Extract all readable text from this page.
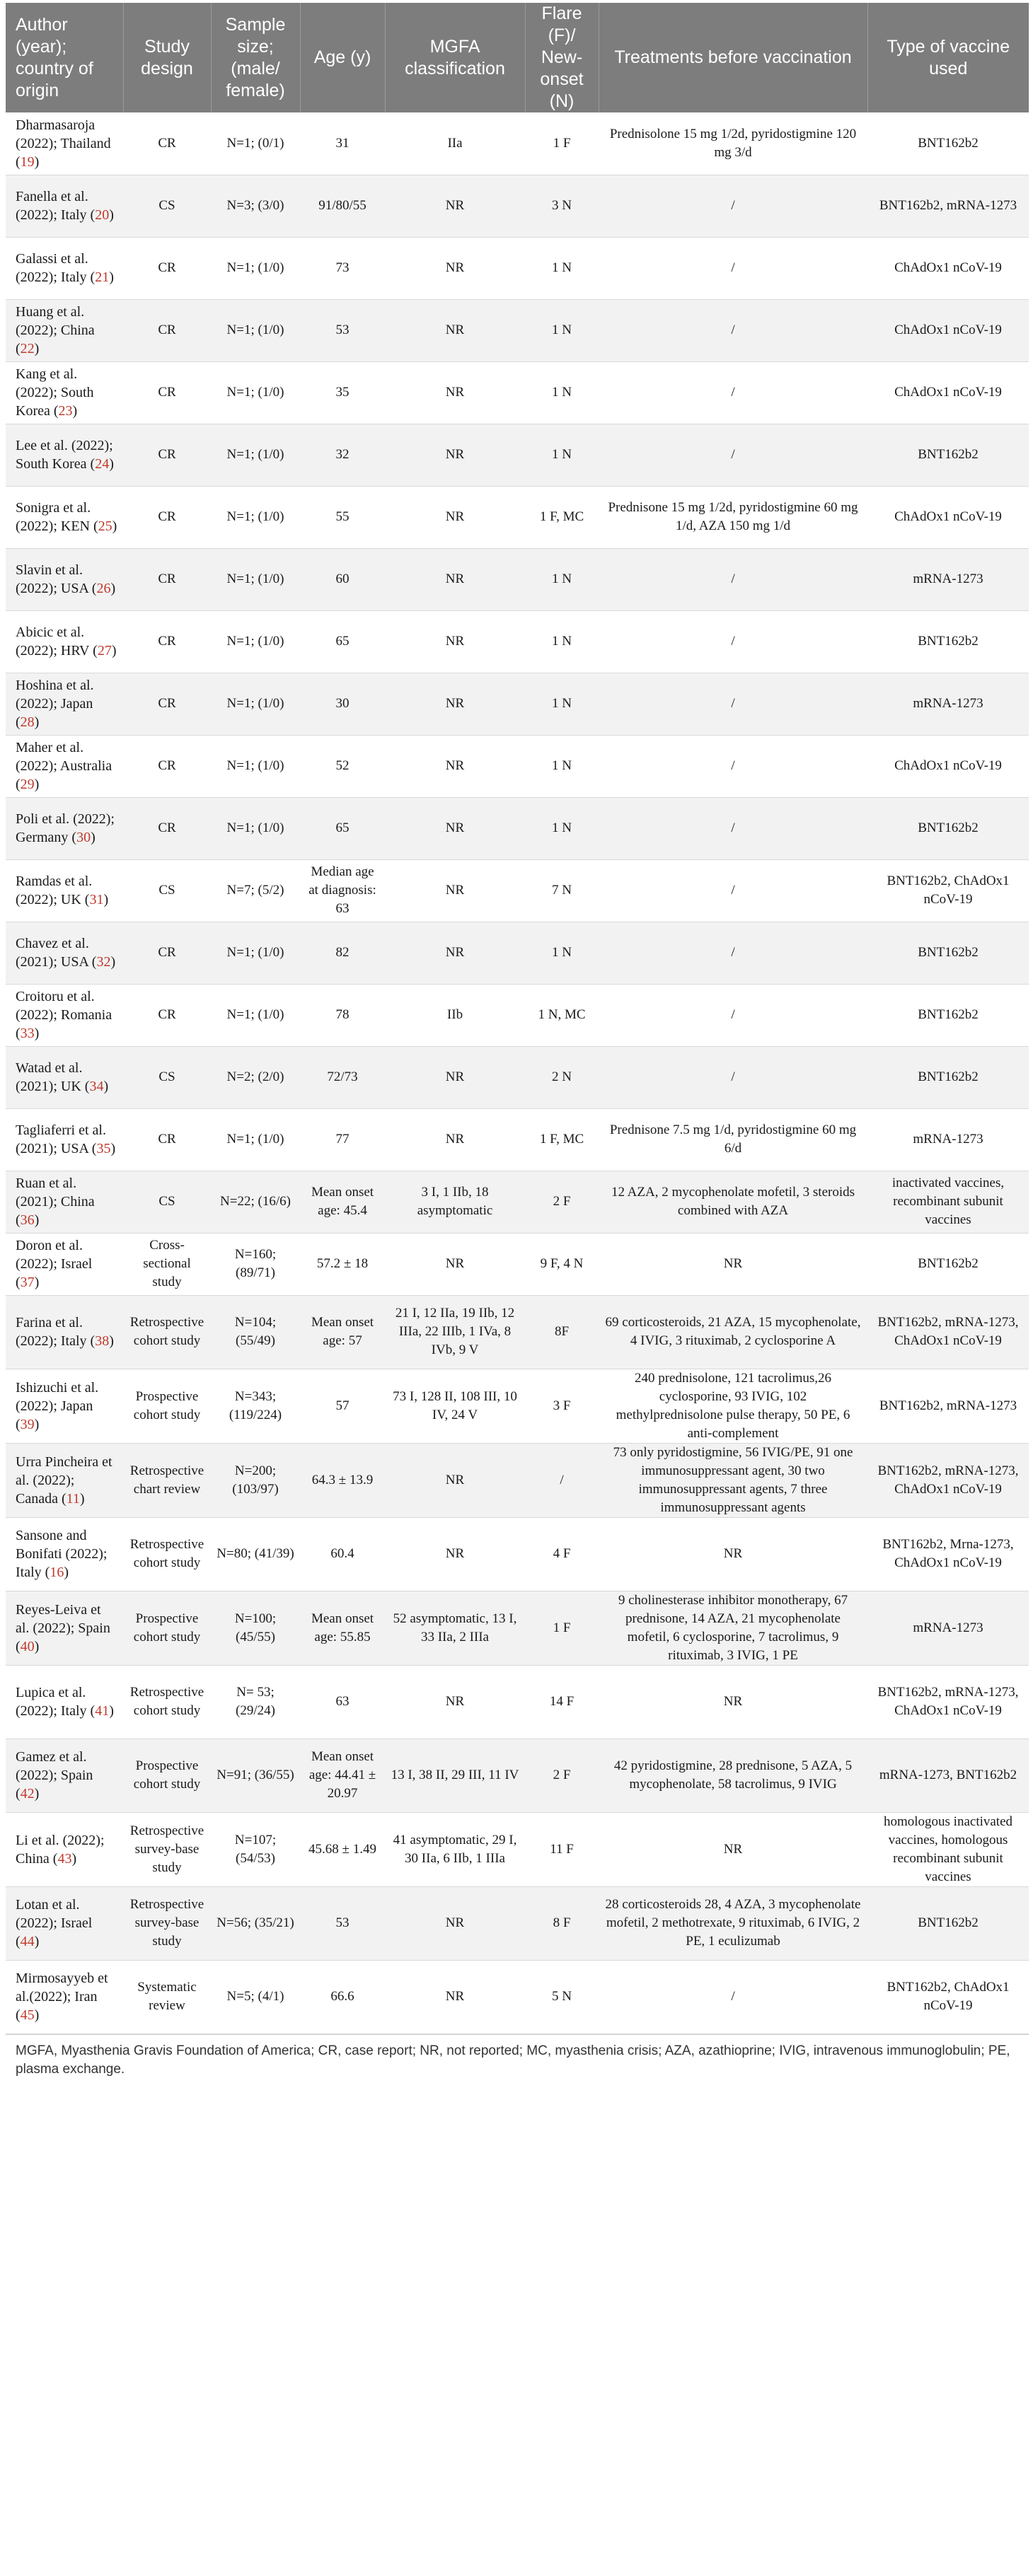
Author (year); country of origin	Study design	Sample size; (male/ female)	Age (y)	MGFA classification	Flare (F)/ New-onset (N)	Treatments before vaccination	Type of vaccine used
Dharmasaroja (2022); Thailand (19)	CR	N=1; (0/1)	31	IIa	1 F	Prednisolone 15 mg 1/2d, pyridostigmine 120 mg 3/d	BNT162b2
Fanella et al. (2022); Italy (20)	CS	N=3; (3/0)	91/80/55	NR	3 N	/	BNT162b2, mRNA-1273
Galassi et al. (2022); Italy (21)	CR	N=1; (1/0)	73	NR	1 N	/	ChAdOx1 nCoV-19
Huang et al. (2022); China (22)	CR	N=1; (1/0)	53	NR	1 N	/	ChAdOx1 nCoV-19
Kang et al. (2022); South Korea (23)	CR	N=1; (1/0)	35	NR	1 N	/	ChAdOx1 nCoV-19
Lee et al. (2022); South Korea (24)	CR	N=1; (1/0)	32	NR	1 N	/	BNT162b2
Sonigra et al. (2022); KEN (25)	CR	N=1; (1/0)	55	NR	1 F, MC	Prednisone 15 mg 1/2d, pyridostigmine 60 mg 1/d, AZA 150 mg 1/d	ChAdOx1 nCoV-19
Slavin et al. (2022); USA (26)	CR	N=1; (1/0)	60	NR	1 N	/	mRNA-1273
Abicic et al. (2022); HRV (27)	CR	N=1; (1/0)	65	NR	1 N	/	BNT162b2
Hoshina et al. (2022); Japan (28)	CR	N=1; (1/0)	30	NR	1 N	/	mRNA-1273
Maher et al. (2022); Australia (29)	CR	N=1; (1/0)	52	NR	1 N	/	ChAdOx1 nCoV-19
Poli et al. (2022); Germany (30)	CR	N=1; (1/0)	65	NR	1 N	/	BNT162b2
Ramdas et al. (2022); UK (31)	CS	N=7; (5/2)	Median age at diagnosis: 63	NR	7 N	/	BNT162b2, ChAdOx1 nCoV-19
Chavez et al. (2021); USA (32)	CR	N=1; (1/0)	82	NR	1 N	/	BNT162b2
Croitoru et al. (2022); Romania (33)	CR	N=1; (1/0)	78	IIb	1 N, MC	/	BNT162b2
Watad et al. (2021); UK (34)	CS	N=2; (2/0)	72/73	NR	2 N	/	BNT162b2
Tagliaferri et al. (2021); USA (35)	CR	N=1; (1/0)	77	NR	1 F, MC	Prednisone 7.5 mg 1/d, pyridostigmine 60 mg 6/d	mRNA-1273
Ruan et al. (2021); China (36)	CS	N=22; (16/6)	Mean onset age: 45.4	3 I, 1 IIb, 18 asymptomatic	2 F	12 AZA, 2 mycophenolate mofetil, 3 steroids combined with AZA	inactivated vaccines, recombinant subunit vaccines
Doron et al. (2022); Israel (37)	Cross-sectional study	N=160; (89/71)	57.2 ± 18	NR	9 F, 4 N	NR	BNT162b2
Farina et al. (2022); Italy (38)	Retrospective cohort study	N=104; (55/49)	Mean onset age: 57	21 I, 12 IIa, 19 IIb, 12 IIIa, 22 IIIb, 1 IVa, 8 IVb, 9 V	8F	69 corticosteroids, 21 AZA, 15 mycophenolate, 4 IVIG, 3 rituximab, 2 cyclosporine A	BNT162b2, mRNA-1273, ChAdOx1 nCoV-19
Ishizuchi et al. (2022); Japan (39)	Prospective cohort study	N=343; (119/224)	57	73 I, 128 II, 108 III, 10 IV, 24 V	3 F	240 prednisolone, 121 tacrolimus,26 cyclosporine, 93 IVIG, 102 methylprednisolone pulse therapy, 50 PE, 6 anti-complement	BNT162b2, mRNA-1273
Urra Pincheira et al. (2022); Canada (11)	Retrospective chart review	N=200; (103/97)	64.3 ± 13.9	NR	/	73 only pyridostigmine, 56 IVIG/PE, 91 one immunosuppressant agent, 30 two immunosuppressant agents, 7 three immunosuppressant agents	BNT162b2, mRNA-1273, ChAdOx1 nCoV-19
Sansone and Bonifati (2022); Italy (16)	Retrospective cohort study	N=80; (41/39)	60.4	NR	4 F	NR	BNT162b2, Mrna-1273, ChAdOx1 nCoV-19
Reyes-Leiva et al. (2022); Spain (40)	Prospective cohort study	N=100; (45/55)	Mean onset age: 55.85	52 asymptomatic, 13 I, 33 IIa, 2 IIIa	1 F	9 cholinesterase inhibitor monotherapy, 67 prednisone, 14 AZA, 21 mycophenolate mofetil, 6 cyclosporine, 7 tacrolimus, 9 rituximab, 3 IVIG, 1 PE	mRNA-1273
Lupica et al. (2022); Italy (41)	Retrospective cohort study	N= 53; (29/24)	63	NR	14 F	NR	BNT162b2, mRNA-1273, ChAdOx1 nCoV-19
Gamez et al. (2022); Spain (42)	Prospective cohort study	N=91; (36/55)	Mean onset age: 44.41 ± 20.97	13 I, 38 II, 29 III, 11 IV	2 F	42 pyridostigmine, 28 prednisone, 5 AZA, 5 mycophenolate, 58 tacrolimus, 9 IVIG	mRNA-1273, BNT162b2
Li et al. (2022); China (43)	Retrospective survey-base study	N=107; (54/53)	45.68 ± 1.49	41 asymptomatic, 29 I, 30 IIa, 6 IIb, 1 IIIa	11 F	NR	homologous inactivated vaccines, homologous recombinant subunit vaccines
Lotan et al. (2022); Israel (44)	Retrospective survey-base study	N=56; (35/21)	53	NR	8 F	28 corticosteroids 28, 4 AZA, 3 mycophenolate mofetil, 2 methotrexate, 9 rituximab, 6 IVIG, 2 PE, 1 eculizumab	BNT162b2
Mirmosayyeb et al.(2022); Iran (45)	Systematic review	N=5; (4/1)	66.6	NR	5 N	/	BNT162b2, ChAdOx1 nCoV-19
MGFA, Myasthenia Gravis Foundation of America; CR, case report; NR, not reported; MC, myasthenia crisis; AZA, azathioprine; IVIG, intravenous immunoglobulin; PE, plasma exchange.
